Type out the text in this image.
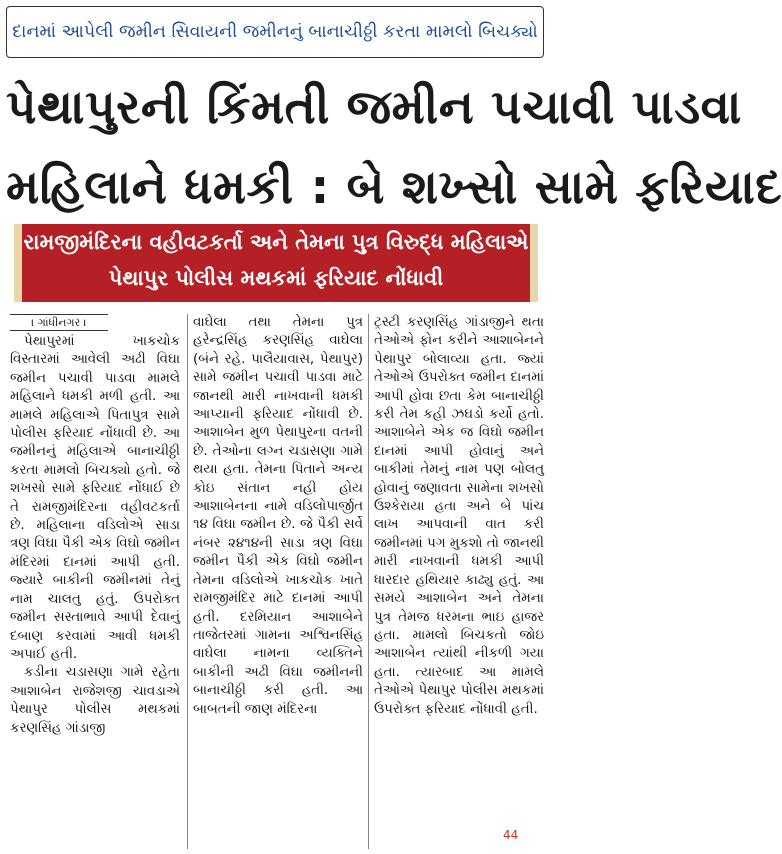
દાનમાં આપેલી જમીન સિવાયની જમીનનું બાનાચીઠ્ઠી કરતા મામલો બિચક્યો
પેથાપુરની કિંમતી જમીન પચાવી પાડવા
મહિલાને ધમકી : બે શખ્સો સામે ફરિયાદ
રામજીમંદિરના વહીવટકર્તા અને તેમના પુત્ર વિરુદ્ધ મહિલાએ
પેથાપુર પોલીસ મથકમાં ફરિયાદ નોંધાવી
। ગાંધીનગર ।

પેથાપુરમાં ખાકચોક વિસ્તારમાં આવેલી અઢી વિઘા જમીન પચાવી પાડવા મામલે મહિલાને ધમકી મળી હતી. આ મામલે મહિલાએ પિતાપુત્ર સામે પોલીસ ફરિયાદ નોંધાવી છે. આ જમીનનું મહિલાએ બાનાચીઠ્ઠી કરતા મામલો બિચક્યો હતો. જે શખસો સામે ફરિયાદ નોંધાઈ છે તે રામજીમંદિરના વહીવટકર્તા છે. મહિલાના વડિલોએ સાડા ત્રણ વિઘા પૈકી એક વિઘો જમીન મંદિરમાં દાનમાં આપી હતી. જ્યારે બાકીની જમીનમાં તેનું નામ ચાલતુ હતું. ઉપરોક્ત જમીન સસ્તાભાવે આપી દેવાનું દબાણ કરવામાં આવી ધમકી અપાઈ હતી.

કડીના ચડાસણા ગામે રહેતા આશાબેન રાજેશજી ચાવડાએ પેથાપુર પોલીસ મથકમાં કરણસિંહ ગાંડાજી

વાઘેલા તથા તેમના પુત્ર હરેન્દ્રસિંહ કરણસિંહ વાઘેલા (બંને રહે. પાલૈયાવાસ, પેથાપુર) સામે જમીન પચાવી પાડવા માટે જાનથી મારી નાખવાની ધમકી આપ્યાની ફરિયાદ નોંધાવી છે. આશાબેન મુળ પેથાપુરના વતની છે. તેઓના લગ્ન ચડાસણા ગામે થયા હતા. તેમના પિતાને અન્ય કોઇ સંતાન નહી હોય આશાબેનના નામે વડિલોપાર્જીત ૧૪ વિઘા જમીન છે. જે પૈકી સર્વે નંબર ૨૪૧૪ની સાડા ત્રણ વિઘા જમીન પૈકી એક વિઘો જમીન તેમના વડિલોએ ખાકચોક ખાતે રામજીમંદિર માટે દાનમાં આપી હતી. દરમિયાન આશાબેને તાજેતરમાં ગામના અશ્વિનસિંહ વાઘેલા નામના વ્યક્તિને બાકીની અઢી વિઘા જમીનની બાનાચીઠ્ઠી કરી હતી. આ બાબતની જાણ મંદિરના

ટ્રસ્ટી કરણસિંહ ગાંડાજીને થતા તેઓએ ફોન કરીને આશાબેનને પેથાપુર બોલાવ્યા હતા. જ્યાં તેઓએ ઉપરોક્ત જમીન દાનમાં આપી હોવા છતા કેમ બાનાચીઠ્ઠી કરી તેમ કહી ઝઘડો કર્યો હતો. આશાબેને એક જ વિઘો જમીન દાનમાં આપી હોવાનું અને બાકીમાં તેમનું નામ પણ બોલતુ હોવાનું જણાવતા સામેના શખસો ઉશ્કેરાયા હતા અને બે પાંચ લાખ આપવાની વાત કરી જમીનમાં પગ મુકશો તો જાનથી મારી નાખવાની ધમકી આપી ધારદાર હથિયાર કાઢ્યુ હતું. આ સમયે આશાબેન અને તેમના પુત્ર તેમજ ધરમના ભાઇ હાજર હતા. મામલો બિચકતો જોઇ આશાબેન ત્યાંથી નીકળી ગયા હતા. ત્યારબાદ આ મામલે તેઓએ પેથાપુર પોલીસ મથકમાં ઉપરોક્ત ફરિયાદ નોંધાવી હતી.

44
